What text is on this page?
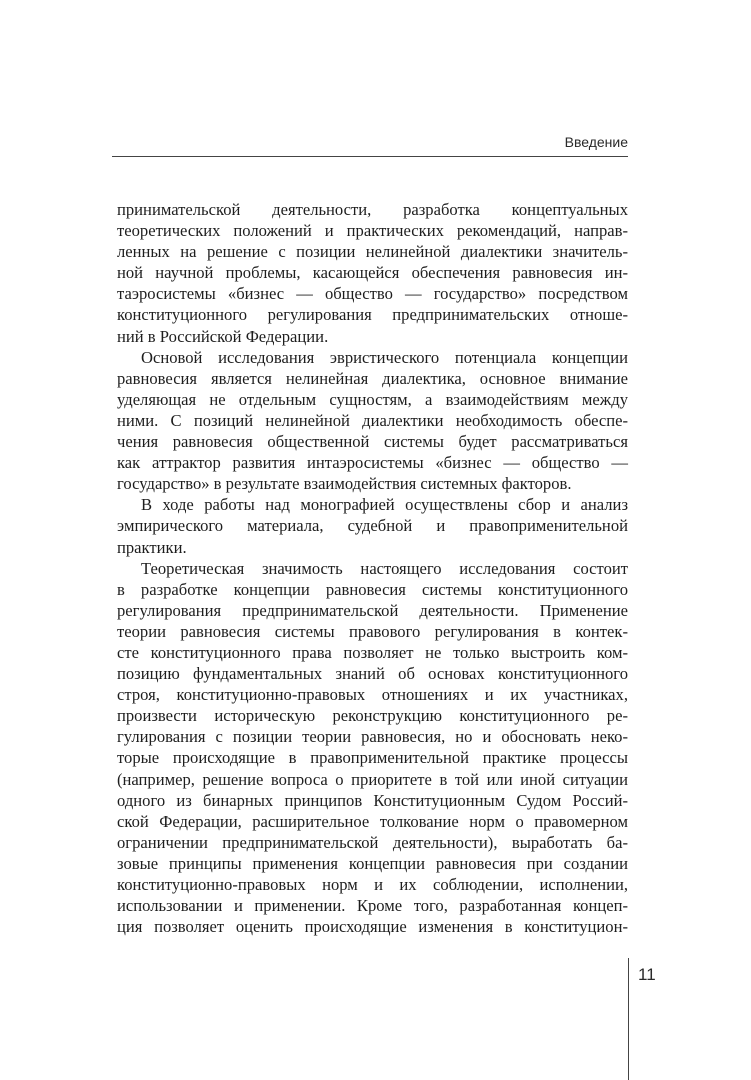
Введение
принимательской деятельности, разработка концептуальных
теоретических положений и практических рекомендаций, направ-
ленных на решение с позиции нелинейной диалектики значитель-
ной научной проблемы, касающейся обеспечения равновесия ин-
таэросистемы «бизнес — общество — государство» посредством
конституционного регулирования предпринимательских отноше-
ний в Российской Федерации.
Основой исследования эвристического потенциала концепции
равновесия является нелинейная диалектика, основное внимание
уделяющая не отдельным сущностям, а взаимодействиям между
ними. С позиций нелинейной диалектики необходимость обеспе-
чения равновесия общественной системы будет рассматриваться
как аттрактор развития интаэросистемы «бизнес — общество —
государство» в результате взаимодействия системных факторов.
В ходе работы над монографией осуществлены сбор и анализ
эмпирического материала, судебной и правоприменительной
практики.
Теоретическая значимость настоящего исследования состоит
в разработке концепции равновесия системы конституционного
регулирования предпринимательской деятельности. Применение
теории равновесия системы правового регулирования в контек-
сте конституционного права позволяет не только выстроить ком-
позицию фундаментальных знаний об основах конституционного
строя, конституционно-правовых отношениях и их участниках,
произвести историческую реконструкцию конституционного ре-
гулирования с позиции теории равновесия, но и обосновать неко-
торые происходящие в правоприменительной практике процессы
(например, решение вопроса о приоритете в той или иной ситуации
одного из бинарных принципов Конституционным Судом Россий-
ской Федерации, расширительное толкование норм о правомерном
ограничении предпринимательской деятельности), выработать ба-
зовые принципы применения концепции равновесия при создании
конституционно-правовых норм и их соблюдении, исполнении,
использовании и применении. Кроме того, разработанная концеп-
ция позволяет оценить происходящие изменения в конституцион-
11
